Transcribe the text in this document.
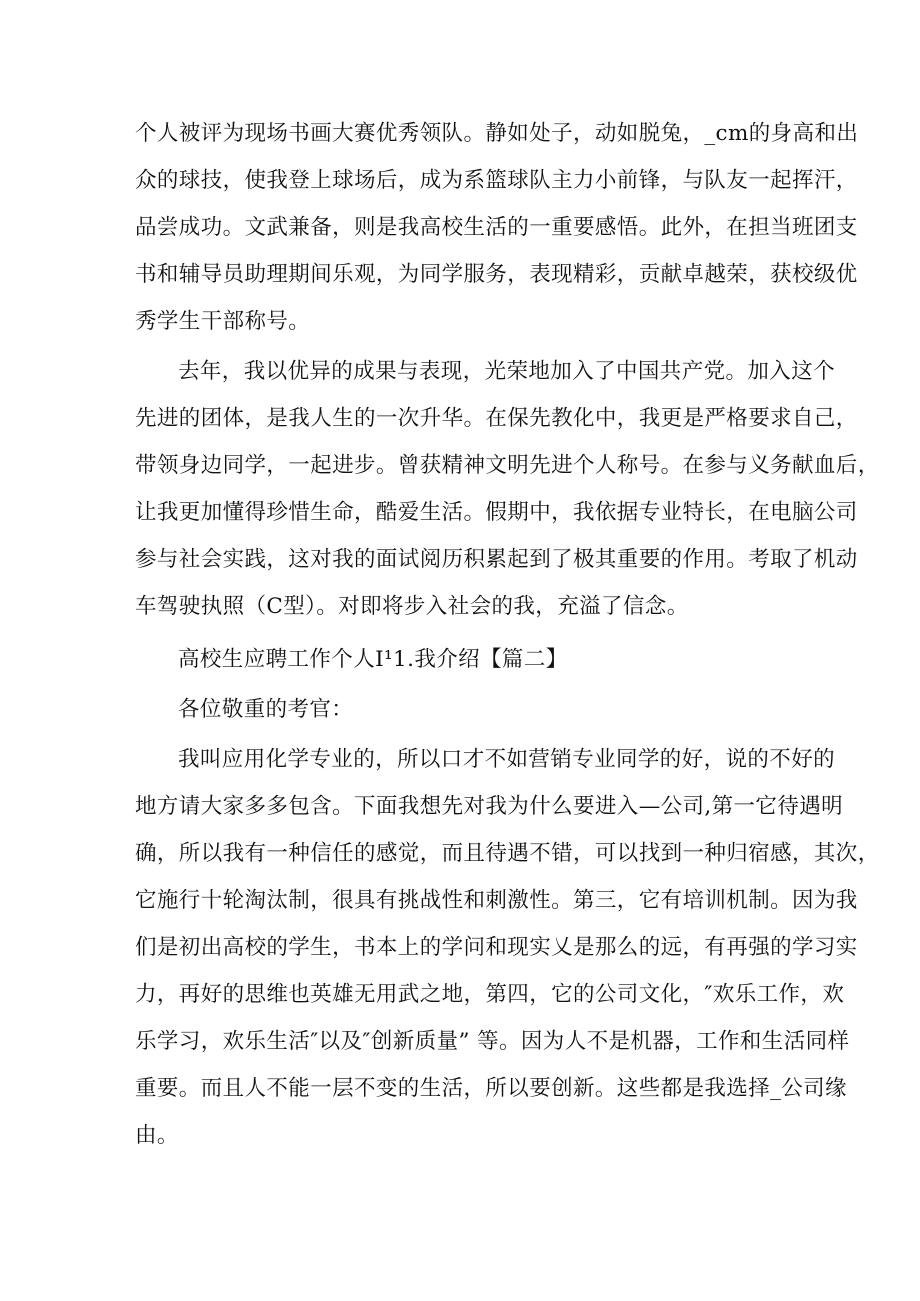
个人被评为现场书画大赛优秀领队。静如处子，动如脱兔，_cm的身高和出
众的球技，使我登上球场后，成为系篮球队主力小前锋，与队友一起挥汗，
品尝成功。文武兼备，则是我高校生活的一重要感悟。此外，在担当班团支
书和辅导员助理期间乐观，为同学服务，表现精彩，贡献卓越荣，获校级优
秀学生干部称号。
去年，我以优异的成果与表现，光荣地加入了中国共产党。加入这个
先进的团体，是我人生的一次升华。在保先教化中，我更是严格要求自己，
带领身边同学，一起进步。曾获精神文明先进个人称号。在参与义务献血后，
让我更加懂得珍惜生命，酷爱生活。假期中，我依据专业特长，在电脑公司
参与社会实践，这对我的面试阅历积累起到了极其重要的作用。考取了机动
车驾驶执照（C型）。对即将步入社会的我，充溢了信念。
高校生应聘工作个人I¹1.我介绍【篇二】
各位敬重的考官：
我叫应用化学专业的，所以口才不如营销专业同学的好，说的不好的
地方请大家多多包含。下面我想先对我为什么要进入—公司,第一它待遇明
确，所以我有一种信任的感觉，而且待遇不错，可以找到一种归宿感，其次，
它施行十轮淘汰制，很具有挑战性和刺激性。第三，它有培训机制。因为我
们是初出高校的学生，书本上的学问和现实乂是那么的远，有再强的学习实
力，再好的思维也英雄无用武之地，第四，它的公司文化，″欢乐工作，欢
乐学习，欢乐生活″以及″创新质量” 等。因为人不是机器，工作和生活同样
重要。而且人不能一层不变的生活，所以要创新。这些都是我选择_公司缘
由。
